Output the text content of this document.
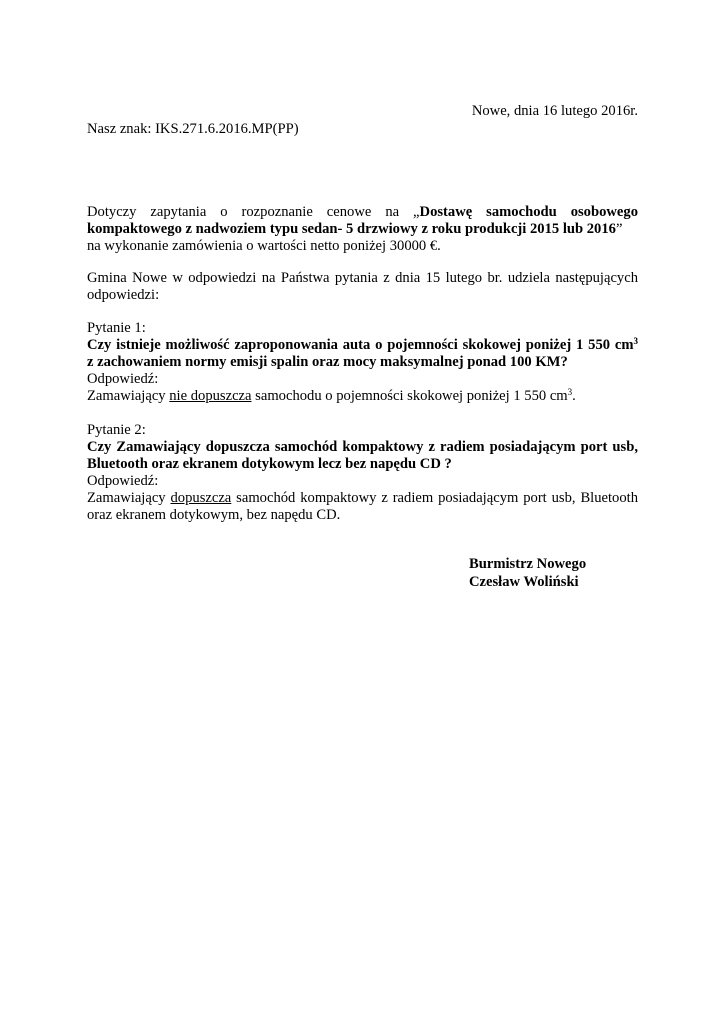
Nowe, dnia 16 lutego 2016r.

Nasz znak: IKS.271.6.2016.MP(PP)

Dotyczy zapytania o rozpoznanie cenowe na „Dostawę samochodu osobowego
kompaktowego z nadwoziem typu sedan- 5 drzwiowy z roku produkcji 2015 lub 2016”
na wykonanie zamówienia o wartości netto poniżej 30000 €.
Gmina Nowe w odpowiedzi na Państwa pytania z dnia 15 lutego br. udziela następujących
odpowiedzi:
Pytanie 1:
Czy istnieje możliwość zaproponowania auta o pojemności skokowej poniżej 1 550 $cm^3$
z zachowaniem normy emisji spalin oraz mocy maksymalnej ponad 100 KM?
Odpowiedź:
Zamawiający nie dopuszcza samochodu o pojemności skokowej poniżej 1 550 $cm^3$.
Pytanie 2:
Czy Zamawiający dopuszcza samochód kompaktowy z radiem posiadającym port usb,
Bluetooth oraz ekranem dotykowym lecz bez napędu CD ?
Odpowiedź:
Zamawiający dopuszcza samochód kompaktowy z radiem posiadającym port usb, Bluetooth
oraz ekranem dotykowym, bez napędu CD.

Burmistrz Nowego

Czesław Woliński
